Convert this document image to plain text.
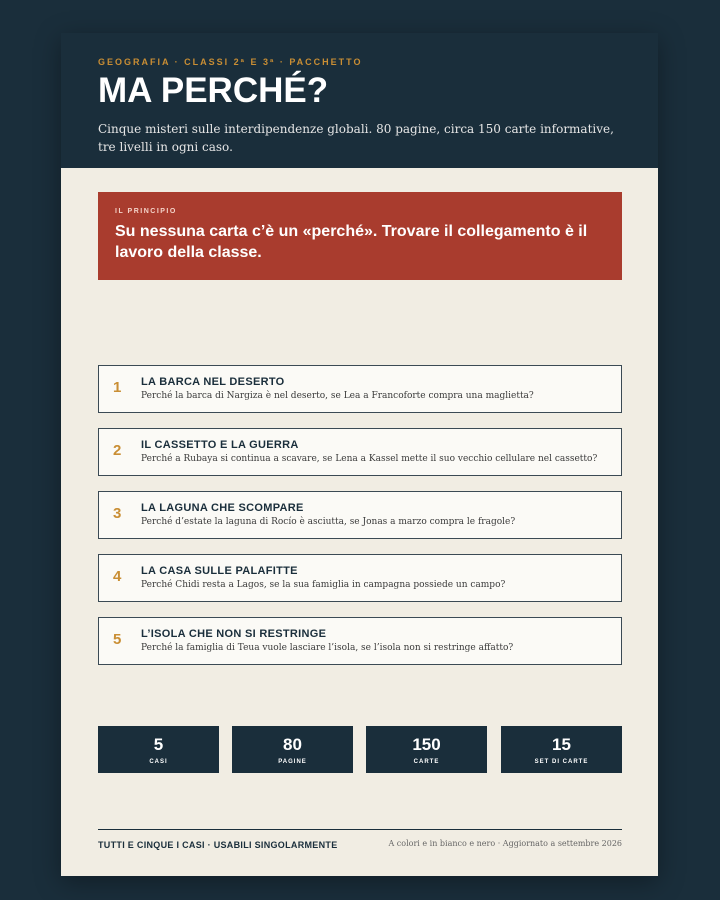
GEOGRAFIA · CLASSI 2ª E 3ª · PACCHETTO
MA PERCHÉ?

Cinque misteri sulle interdipendenze globali. 80 pagine, circa 150 carte informative, tre livelli in ogni caso.

IL PRINCIPIO
Su nessuna carta c’è un «perché». Trovare il collegamento è il lavoro della classe.
1	LA BARCA NEL DESERTO
Perché la barca di Nargiza è nel deserto, se Lea a Francoforte compra una maglietta?
2	IL CASSETTO E LA GUERRA
Perché a Rubaya si continua a scavare, se Lena a Kassel mette il suo vecchio cellulare nel cassetto?
3	LA LAGUNA CHE SCOMPARE
Perché d’estate la laguna di Rocío è asciutta, se Jonas a marzo compra le fragole?
4	LA CASA SULLE PALAFITTE
Perché Chidi resta a Lagos, se la sua famiglia in campagna possiede un campo?
5	L’ISOLA CHE NON SI RESTRINGE
Perché la famiglia di Teua vuole lasciare l’isola, se l’isola non si restringe affatto?
5
CASI
80
PAGINE
150
CARTE
15
SET DI CARTE
TUTTI E CINQUE I CASI · USABILI SINGOLARMENTE	A colori e in bianco e nero · Aggiornato a settembre 2026
